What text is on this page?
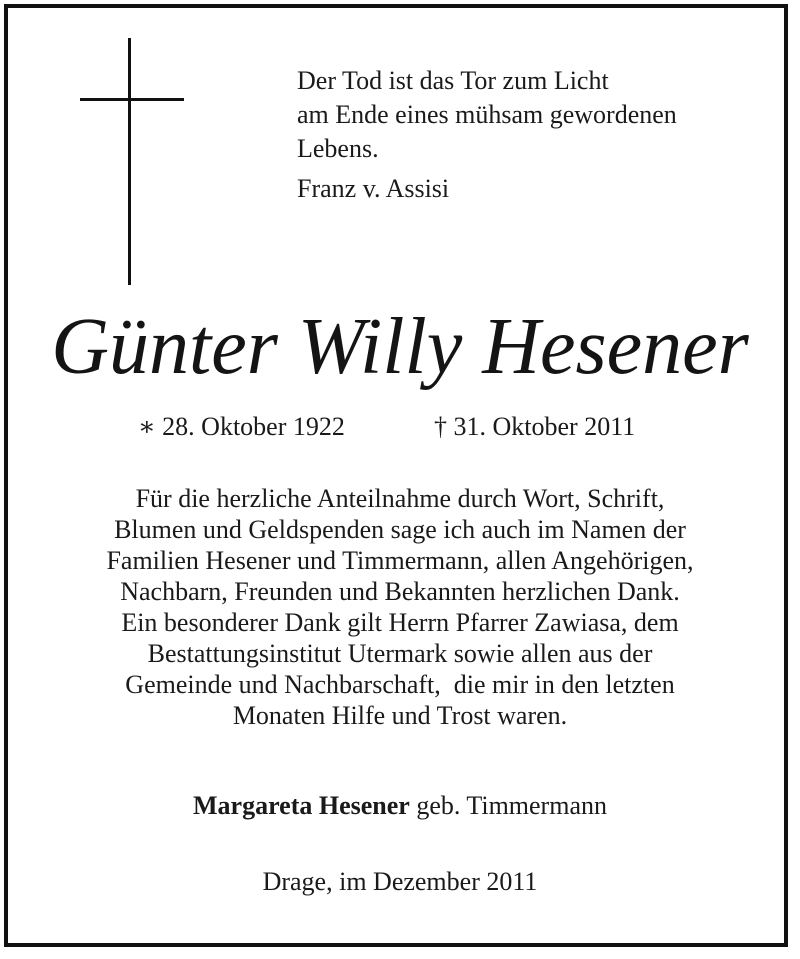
Der Tod ist das Tor zum Licht
am Ende eines mühsam gewordenen
Lebens.
Franz v. Assisi
Günter Willy Hesener
∗ 28. Oktober 1922	† 31. Oktober 2011
Für die herzliche Anteilnahme durch Wort, Schrift,
Blumen und Geldspenden sage ich auch im Namen der
Familien Hesener und Timmermann, allen Angehörigen,
Nachbarn, Freunden und Bekannten herzlichen Dank.
Ein besonderer Dank gilt Herrn Pfarrer Zawiasa, dem
Bestattungsinstitut Utermark sowie allen aus der
Gemeinde und Nachbarschaft,  die mir in den letzten
Monaten Hilfe und Trost waren.
Margareta Hesener geb. Timmermann
Drage, im Dezember 2011
